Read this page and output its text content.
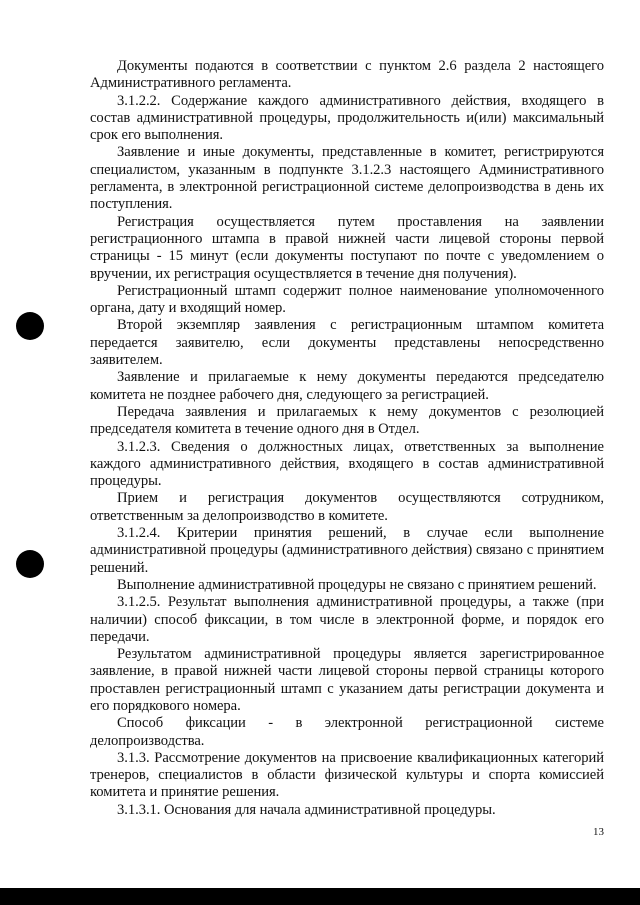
Документы подаются в соответствии с пунктом 2.6 раздела 2 настоящего Административного регламента.

3.1.2.2. Содержание каждого административного действия, входящего в состав административной процедуры, продолжительность и(или) максимальный срок его выполнения.

Заявление и иные документы, представленные в комитет, регистрируются специалистом, указанным в подпункте 3.1.2.3 настоящего Административного регламента, в электронной регистрационной системе делопроизводства в день их поступления.

Регистрация осуществляется путем проставления на заявлении регистрационного штампа в правой нижней части лицевой стороны первой страницы - 15 минут (если документы поступают по почте с уведомлением о вручении, их регистрация осуществляется в течение дня получения).

Регистрационный штамп содержит полное наименование уполномоченного органа, дату и входящий номер.

Второй экземпляр заявления с регистрационным штампом комитета передается заявителю, если документы представлены непосредственно заявителем.

Заявление и прилагаемые к нему документы передаются председателю комитета не позднее рабочего дня, следующего за регистрацией.

Передача заявления и прилагаемых к нему документов с резолюцией председателя комитета в течение одного дня в Отдел.

3.1.2.3. Сведения о должностных лицах, ответственных за выполнение каждого административного действия, входящего в состав административной процедуры.

Прием и регистрация документов осуществляются сотрудником, ответственным за делопроизводство в комитете.

3.1.2.4. Критерии принятия решений, в случае если выполнение административной процедуры (административного действия) связано с принятием решений.

Выполнение административной процедуры не связано с принятием решений.

3.1.2.5. Результат выполнения административной процедуры, а также (при наличии) способ фиксации, в том числе в электронной форме, и порядок его передачи.

Результатом административной процедуры является зарегистрированное заявление, в правой нижней части лицевой стороны первой страницы которого проставлен регистрационный штамп с указанием даты регистрации документа и его порядкового номера.

Способ фиксации - в электронной регистрационной системе делопроизводства.

3.1.3. Рассмотрение документов на присвоение квалификационных категорий тренеров, специалистов в области физической культуры и спорта комиссией комитета и принятие решения.

3.1.3.1. Основания для начала административной процедуры.

13
